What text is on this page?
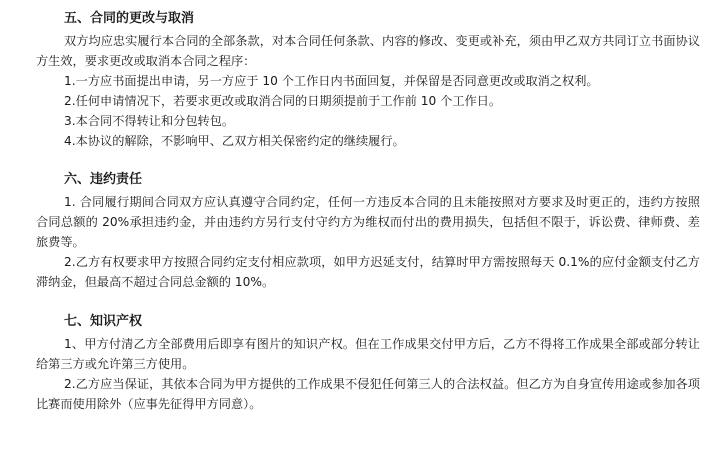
五、合同的更改与取消

双方均应忠实履行本合同的全部条款，对本合同任何条款、内容的修改、变更或补充，须由甲乙双方共同订立书面协议方生效，要求更改或取消本合同之程序：

1.一方应书面提出申请，另一方应于 10 个工作日内书面回复，并保留是否同意更改或取消之权利。
2.任何申请情况下，若要求更改或取消合同的日期须提前于工作前 10 个工作日。
3.本合同不得转让和分包转包。
4.本协议的解除，不影响甲、乙双方相关保密约定的继续履行。
六、违约责任

1. 合同履行期间合同双方应认真遵守合同约定，任何一方违反本合同的且未能按照对方要求及时更正的，违约方按照合同总额的 20%承担违约金，并由违约方另行支付守约方为维权而付出的费用损失，包括但不限于，诉讼费、律师费、差旅费等。

2.乙方有权要求甲方按照合同约定支付相应款项，如甲方迟延支付，结算时甲方需按照每天 0.1%的应付金额支付乙方滞纳金，但最高不超过合同总金额的 10%。

七、知识产权

1、甲方付清乙方全部费用后即享有图片的知识产权。但在工作成果交付甲方后，乙方不得将工作成果全部或部分转让给第三方或允许第三方使用。

2.乙方应当保证，其依本合同为甲方提供的工作成果不侵犯任何第三人的合法权益。但乙方为自身宣传用途或参加各项比赛而使用除外（应事先征得甲方同意）。
